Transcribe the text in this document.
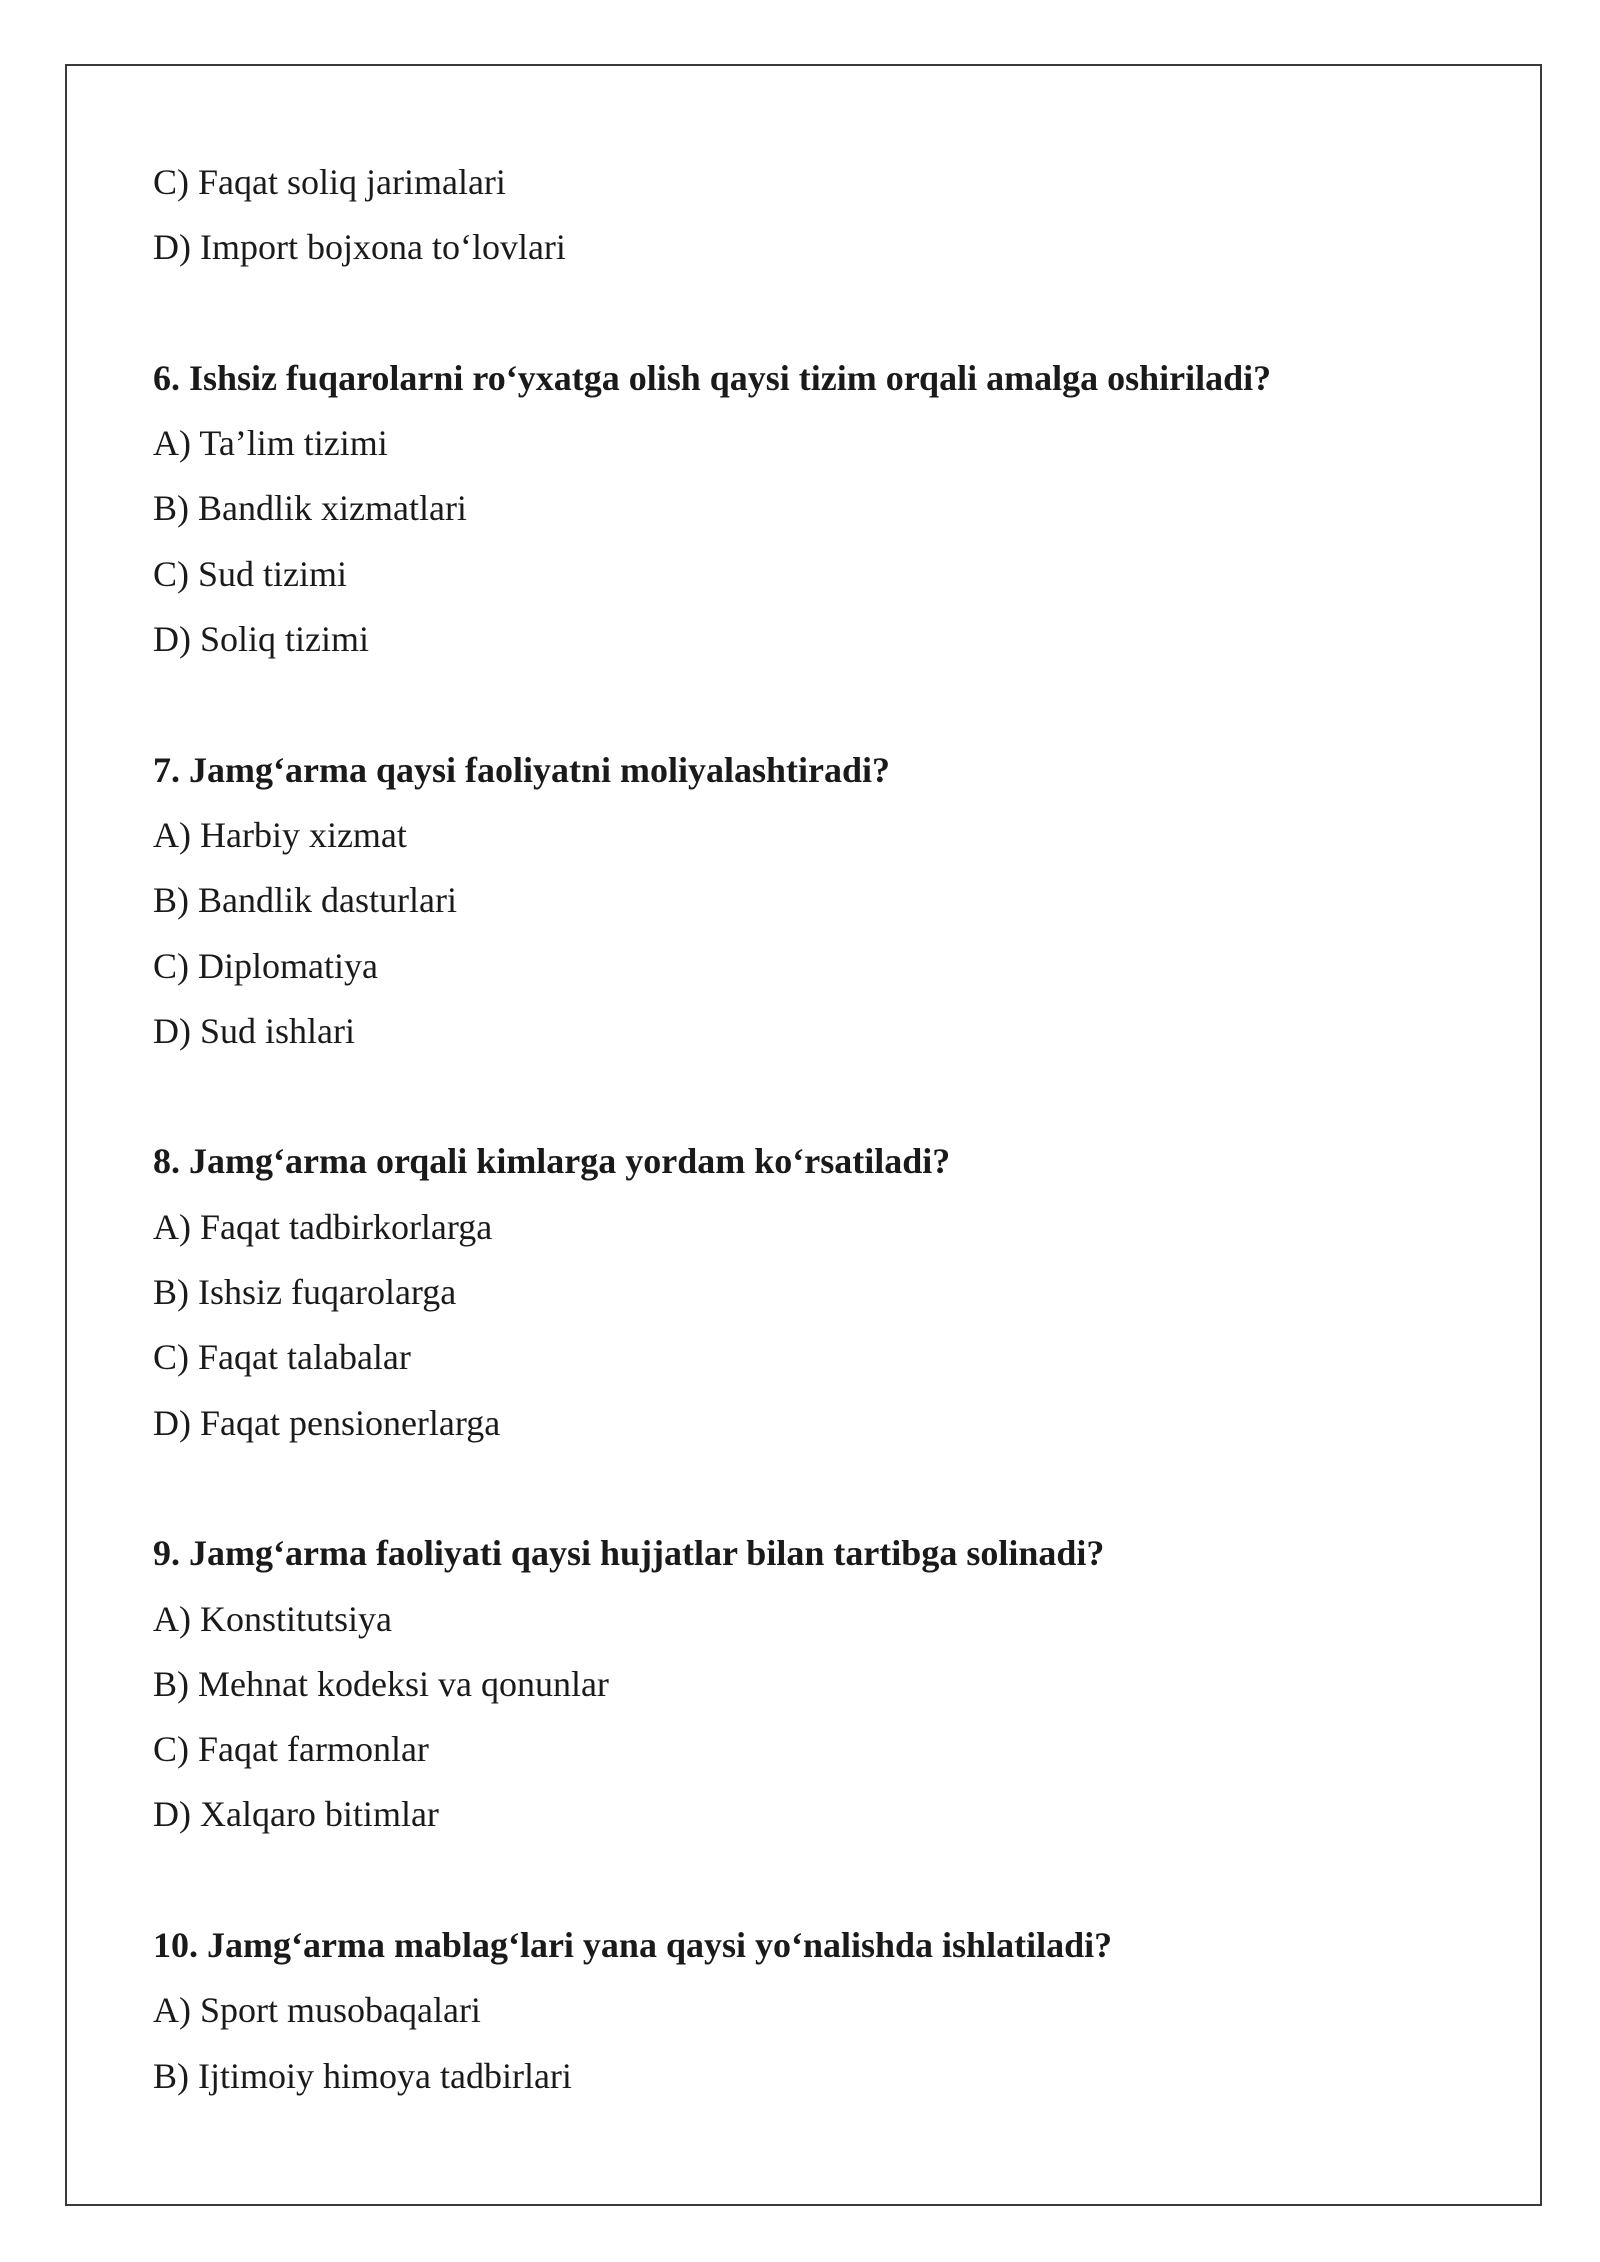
C) Faqat soliq jarimalari
D) Import bojxona to‘lovlari
6. Ishsiz fuqarolarni ro‘yxatga olish qaysi tizim orqali amalga oshiriladi?
A) Ta’lim tizimi
B) Bandlik xizmatlari
C) Sud tizimi
D) Soliq tizimi
7. Jamg‘arma qaysi faoliyatni moliyalashtiradi?
A) Harbiy xizmat
B) Bandlik dasturlari
C) Diplomatiya
D) Sud ishlari
8. Jamg‘arma orqali kimlarga yordam ko‘rsatiladi?
A) Faqat tadbirkorlarga
B) Ishsiz fuqarolarga
C) Faqat talabalar
D) Faqat pensionerlarga
9. Jamg‘arma faoliyati qaysi hujjatlar bilan tartibga solinadi?
A) Konstitutsiya
B) Mehnat kodeksi va qonunlar
C) Faqat farmonlar
D) Xalqaro bitimlar
10. Jamg‘arma mablag‘lari yana qaysi yo‘nalishda ishlatiladi?
A) Sport musobaqalari
B) Ijtimoiy himoya tadbirlari
